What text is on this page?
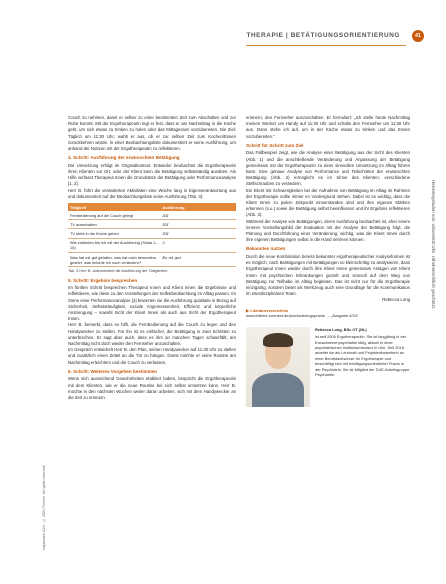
41
THERAPIE | BETÄTIGUNGSORIENTIERUNG
Heruntergeladen von: Universität Ulm. Urheberrechtlich geschützt.
ergopraxis 4/24 · © 2024 Thieme. All rights reserved.

Couch zu nehmen, damit er selber zu einer bestimmten Zeit zum Abschalten und zur Ruhe kommt. Mit der Ergotherapeutin legt er fest, dass er am Nachmittag in die Küche geht, um sich etwas zu trinken zu holen oder das Mittagessen vorzubereiten. Die Ziel: Täglich um 11:30 Uhr, wahlt er aus, ob er zur selben Zeit zum Kochen/Essen zurückkehren würde. In einer Beobachtungsliste dokumentiert er seine Ausführung, um anhand der Notizen mit der Ergotherapeutin zu reflektieren.

4. Schritt: Ausführung der erwünschten Betätigung

Die Umsetzung erfolgt im Originalkontext. Entweder beobachtet die Ergotherapeutin ihren Klienten vor Ort, oder der Klient kann die Betätigung selbstständig ausüben. Als Hilfe verfasst Therapeut Innen die Grundsätze der Betätigung oder Performanceanalyse [1, 2].

Herr B. führt die veränderten Aktivitäten eine Woche lang in Eigenverantwortung aus und dokumentiert auf der Beobachtungsliste seine Ausführung (Tab. 3):

Tätigkeit	Ausführung
Fernbedienung auf die Couch gelegt	IIII
TV ausschalten	IIII
TV steht in die Küche gehen	IIII
Wie zufrieden bin ich mit der Ausführung (Skala 1–10)	3
Was hat mir gut gefallen, was hat mich besonders gestört, was möchte ich noch verändern?	Es ist gut

Tab. 3 Herr B. dokumentiert die Ausführung der Tätigkeiten.

5. Schritt: Ergebnis besprechen

Im fünften Schritt besprechen Therapeut Innen und Klient Innen die Ergebnisse und reflektieren, wie diese zu den Vorstellungen der Selbstbeobachtung im Alltag passen. Im Sinne einer Performanceanalyse [2] bewerten sie die Ausführung qualitativ in Bezug auf Sicherheit, Selbstständigkeit, soziale Angemessenheit, Effizienz und körperliche Anstrengung – sowohl Sicht der Klient Innen als auch aus Sicht der Ergotherapeut Innen.

Herr B. bemerkt, dass es hilft, die Fernbedienung auf die Couch zu legen und den Handywecker zu stellen. Für ihn ist es einfacher, die Betätigung in zwei Schritten zu unterbrechen. Er sagt aber auch, dass es ihm an manchen Tagen schwerfällt, am Nachmittag nicht doch wieder den Fernseher anzuschalten.

Im Gespräch entwickelt Herr B. den Plan, seinen Handywecker auf 11:30 Uhr zu stellen und zusätzlich einen Zettel an die Tür zu hängen. Damit möchte er seine Routine am Nachmittag erleichtern und die Couch zu verlassen.

6. Schritt: Weiteres Vorgehen bestimmen

Wenn sich ausreichend Gewohnheiten etabliert haben, bespricht die Ergotherapeutin mit dem Klienten, wie er die neue Routine bei sich selbst umsetzen kann. Herr B. möchte in den nächsten Wochen weiter daran arbeiten, sich mit dem Handywecker an die Zeit zu erinnern.

erinnern, den Fernseher auszuschalten. Er formuliert: „Ich stelle heute Nachmittag meinen Wecker um Handy auf 11:30 Uhr und schalte den Fernseher um 11:30 Uhr aus. Dann stehe ich auf, um in der Küche etwas zu trinken und das Essen vorzubereiten.“

Schritt für Schritt zum Ziel

Das Fallbeispiel zeigt, wie die Analyse einer Betätigung aus der Sicht des Klienten (Abb. 1) und die anschließende Veränderung und Anpassung der Betätigung gemeinsam mit der Ergotherapeutin zu einer sinnvollen Umsetzung im Alltag führen kann. Eine genaue Analyse von Performance und Teilschritten der erwünschten Betätigung (Abb. 2) ermöglicht es im Sinne des Klienten, verschiedene Stellschrauben zu verändern.

Ein Klient mit Schwierigkeiten bei der Aufnahme von Betätigung im Alltag im Rahmen der Ergotherapie sollte immer im Vordergrund stehen. Dabei ist es wichtig, dass die Klient Innen zu jedem Zeitpunkt einverstanden sind und ihre eigenen Stärken erkennen (s.u.) sowie die Betätigung selbst beeinflussen und ihr Ergebnis reflektieren (Abb. 3).

Während der Analyse von Betätigungen, deren Ausführung beobachtet ist, eher einem inneren Vorstellungsbild der Evaluation mit der Analyse der Betätigung folgt, die Planung und Durchführung einer Veränderung, wichtig, was die Klient Innen durch ihre eigenen Betätigungen selbst in die Hand nehmen können.

Bekanntes nutzen

Durch die neue Kombination bereits bekannter ergotherapeutischer Analyseformen ist es möglich, nach Betätigungen mit Betätigungen so kleinschrittig zu analysieren, dass Ergotherapeut Innen wieder durch ihre Klient Innen gemeinsam Anlagen von Klient Innen mit psychischen Erkrankungen gezielt und sinnvoll auf dem Weg von Betätigung zur Teilhabe im Alltag begleiten. Das ist nicht nur für die Ergotherapie einzigartig, sondern bietet als Werkzeug auch eine Grundlage für die Kommunikation im interdisziplinären Team.

Rebecca Long

▶ Literaturverzeichnis
www.thieme-connect.de/products/ergopraxis → „Ausgabe 4/24“
Rebecca Long, BSc OT (NL)
ist seit 2006 Ergotherapeutin. Sie ist langjährig in der Erwachsenenpsychiatrie tätig, aktuell in einer psychiatrischen Institutsambulanz in Ulm. Seit 2018 arbeitet sie als Lehrkraft und Projektmitarbeiterin an einer Berufsfachschule für Ergotherapie und beschäftigt sich mit betätigungsorientierter Praxis in der Psychiatrie. Sie ist Mitglied der DVE-Arbeitsgruppe Psychiatrie.
